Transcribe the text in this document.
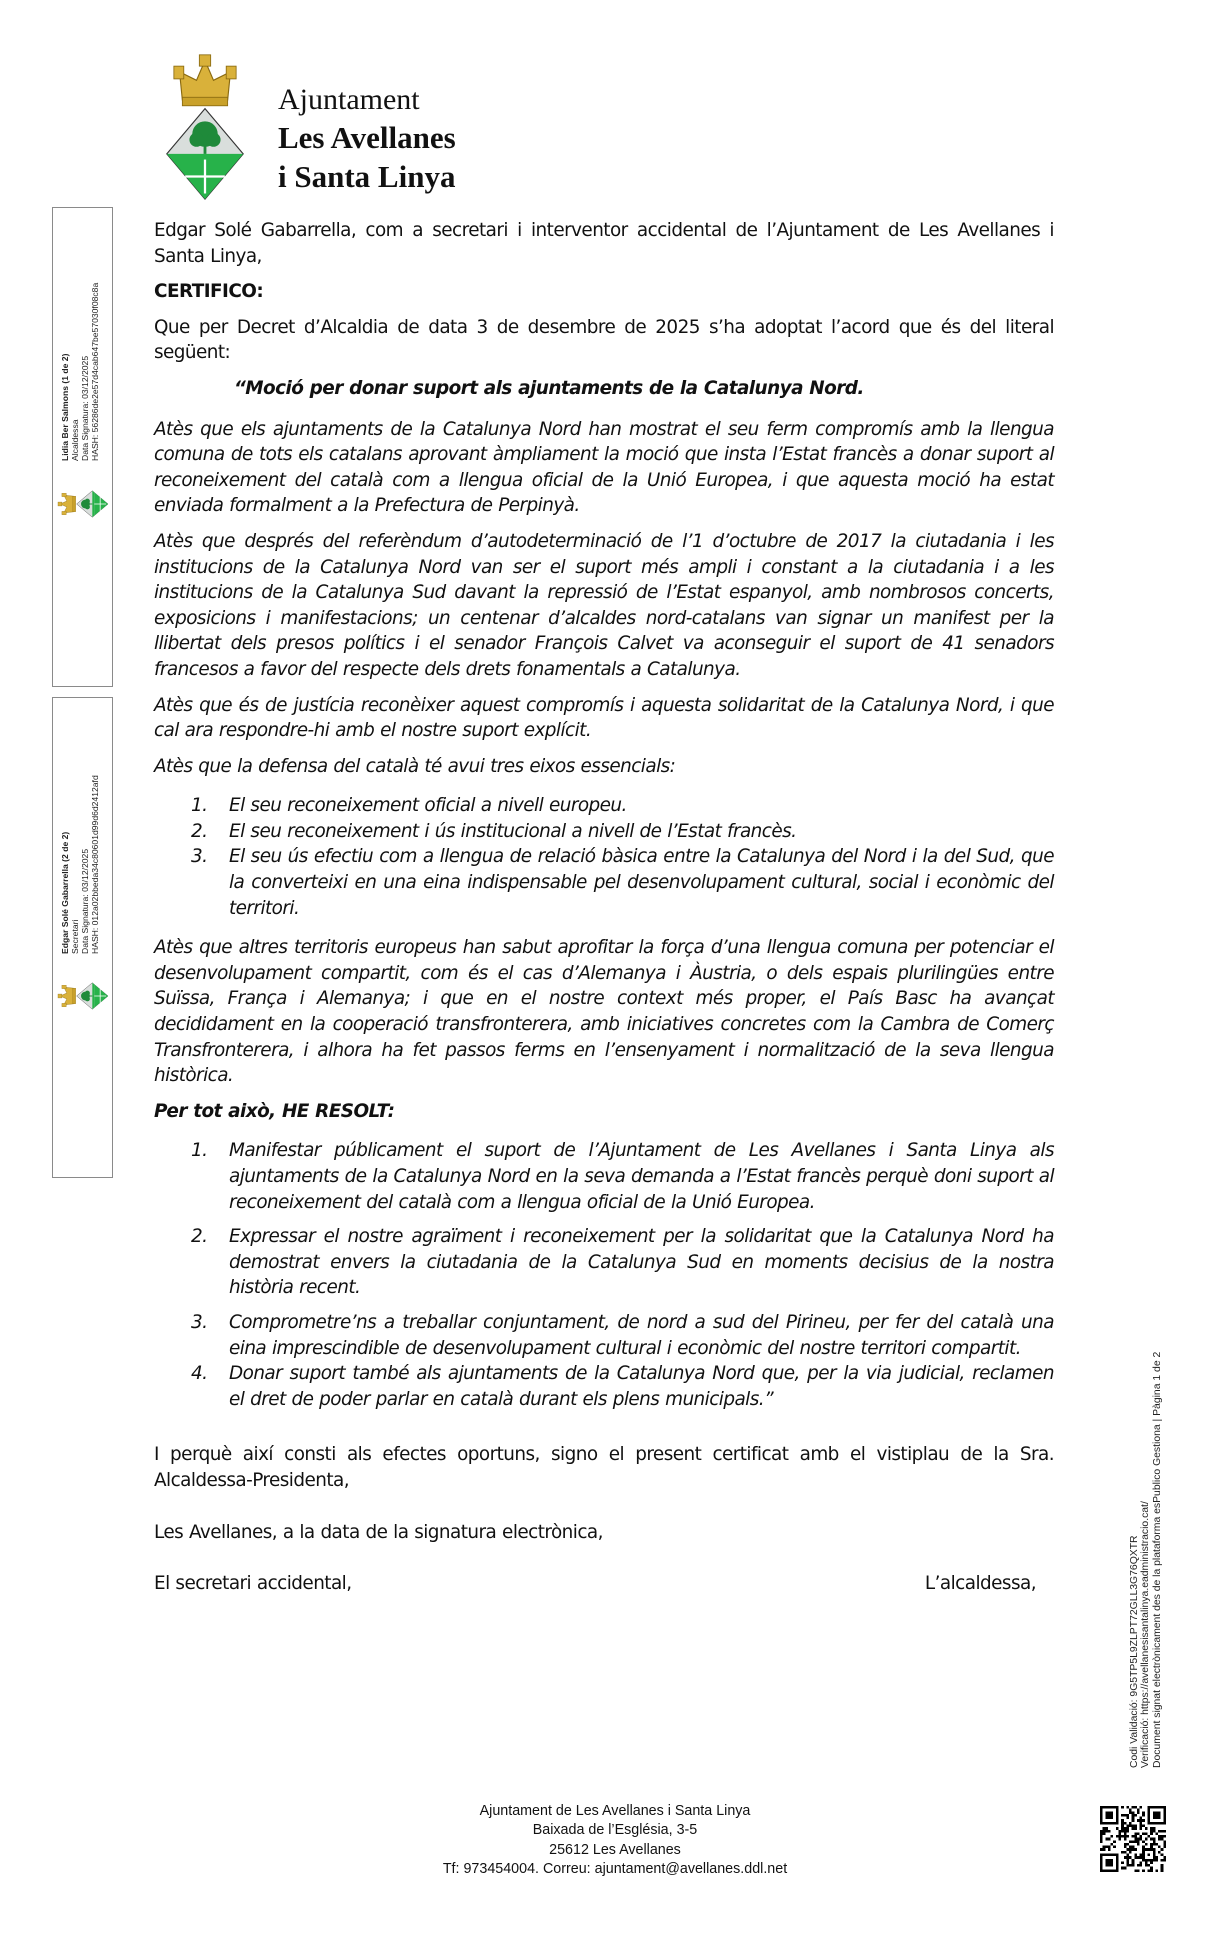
Ajuntament
Les Avellanes
i Santa Linya
Lidia Ber Salmons (1 de 2) Alcaldessa Data Signatura: 03/12/2025 HASH: 56286de2e57d4cab647be57030f08c8a
Edgar Solé Gabarrella (2 de 2) Secretari Data Signatura: 03/12/2025 HASH: 012a02bbeda34c80601d99d6d2412afd

Edgar Solé Gabarrella, com a secretari i interventor accidental de l’Ajuntament de Les Avellanes i Santa Linya,

CERTIFICO:

Que per Decret d’Alcaldia de data 3 de desembre de 2025 s’ha adoptat l’acord que és del literal següent:

“Moció per donar suport als ajuntaments de la Catalunya Nord.

Atès que els ajuntaments de la Catalunya Nord han mostrat el seu ferm compromís amb la llengua comuna de tots els catalans aprovant àmpliament la moció que insta l’Estat francès a donar suport al reconeixement del català com a llengua oficial de la Unió Europea, i que aquesta moció ha estat enviada formalment a la Prefectura de Perpinyà.

Atès que després del referèndum d’autodeterminació de l’1 d’octubre de 2017 la ciutadania i les institucions de la Catalunya Nord van ser el suport més ampli i constant a la ciutadania i a les institucions de la Catalunya Sud davant la repressió de l’Estat espanyol, amb nombrosos concerts, exposicions i manifestacions; un centenar d’alcaldes nord-catalans van signar un manifest per la llibertat dels presos polítics i el senador François Calvet va aconseguir el suport de 41 senadors francesos a favor del respecte dels drets fonamentals a Catalunya.

Atès que és de justícia reconèixer aquest compromís i aquesta solidaritat de la Catalunya Nord, i que cal ara respondre-hi amb el nostre suport explícit.

Atès que la defensa del català té avui tres eixos essencials:

1. El seu reconeixement oficial a nivell europeu.
2. El seu reconeixement i ús institucional a nivell de l’Estat francès.
3. El seu ús efectiu com a llengua de relació bàsica entre la Catalunya del Nord i la del Sud, que la converteixi en una eina indispensable pel desenvolupament cultural, social i econòmic del territori.

Atès que altres territoris europeus han sabut aprofitar la força d’una llengua comuna per potenciar el desenvolupament compartit, com és el cas d’Alemanya i Àustria, o dels espais plurilingües entre Suïssa, França i Alemanya; i que en el nostre context més proper, el País Basc ha avançat decididament en la cooperació transfronterera, amb iniciatives concretes com la Cambra de Comerç Transfronterera, i alhora ha fet passos ferms en l’ensenyament i normalització de la seva llengua històrica.

Per tot això, HE RESOLT:

1. Manifestar públicament el suport de l’Ajuntament de Les Avellanes i Santa Linya als ajuntaments de la Catalunya Nord en la seva demanda a l’Estat francès perquè doni suport al reconeixement del català com a llengua oficial de la Unió Europea.
2. Expressar el nostre agraïment i reconeixement per la solidaritat que la Catalunya Nord ha demostrat envers la ciutadania de la Catalunya Sud en moments decisius de la nostra història recent.
3. Comprometre’ns a treballar conjuntament, de nord a sud del Pirineu, per fer del català una eina imprescindible de desenvolupament cultural i econòmic del nostre territori compartit.
4. Donar suport també als ajuntaments de la Catalunya Nord que, per la via judicial, reclamen el dret de poder parlar en català durant els plens municipals.”

I perquè així consti als efectes oportuns, signo el present certificat amb el vistiplau de la Sra. Alcaldessa-Presidenta,

Les Avellanes, a la data de la signatura electrònica,

El secretari accidental,	L’alcaldessa,
Ajuntament de Les Avellanes i Santa Linya
Baixada de l’Església, 3-5
25612 Les Avellanes
Tf: 973454004. Correu: ajuntament@avellanes.ddl.net
Codi Validació: 9G5TP5L9ZLPT72GLL3G76QXTR Verificació: https://avellanesisantalinya.eadministracio.cat/ Document signat electrònicament des de la plataforma esPublico Gestiona | Pàgina 1 de 2
